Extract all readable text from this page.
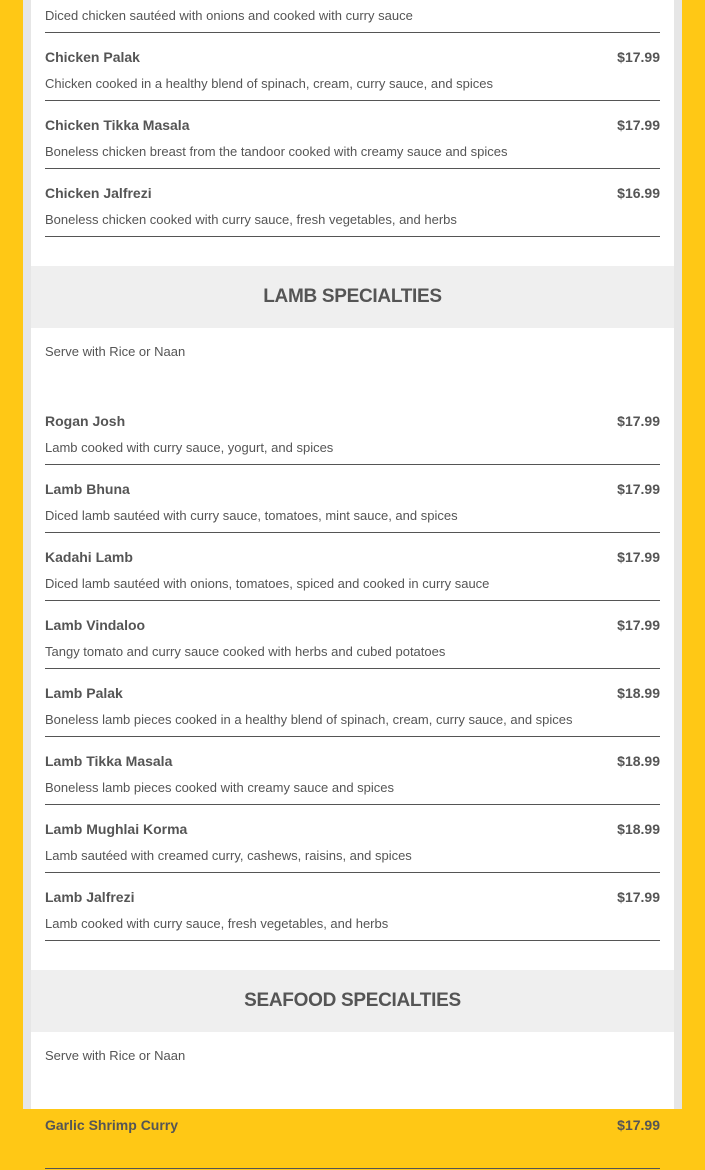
Diced chicken sautéed with onions and cooked with curry sauce
Chicken Palak	$17.99
Chicken cooked in a healthy blend of spinach, cream, curry sauce, and spices
Chicken Tikka Masala	$17.99
Boneless chicken breast from the tandoor cooked with creamy sauce and spices
Chicken Jalfrezi	$16.99
Boneless chicken cooked with curry sauce, fresh vegetables, and herbs
LAMB SPECIALTIES
Serve with Rice or Naan
Rogan Josh	$17.99
Lamb cooked with curry sauce, yogurt, and spices
Lamb Bhuna	$17.99
Diced lamb sautéed with curry sauce, tomatoes, mint sauce, and spices
Kadahi Lamb	$17.99
Diced lamb sautéed with onions, tomatoes, spiced and cooked in curry sauce
Lamb Vindaloo	$17.99
Tangy tomato and curry sauce cooked with herbs and cubed potatoes
Lamb Palak	$18.99
Boneless lamb pieces cooked in a healthy blend of spinach, cream, curry sauce, and spices
Lamb Tikka Masala	$18.99
Boneless lamb pieces cooked with creamy sauce and spices
Lamb Mughlai Korma	$18.99
Lamb sautéed with creamed curry, cashews, raisins, and spices
Lamb Jalfrezi	$17.99
Lamb cooked with curry sauce, fresh vegetables, and herbs
SEAFOOD SPECIALTIES
Serve with Rice or Naan
Garlic Shrimp Curry	$17.99
